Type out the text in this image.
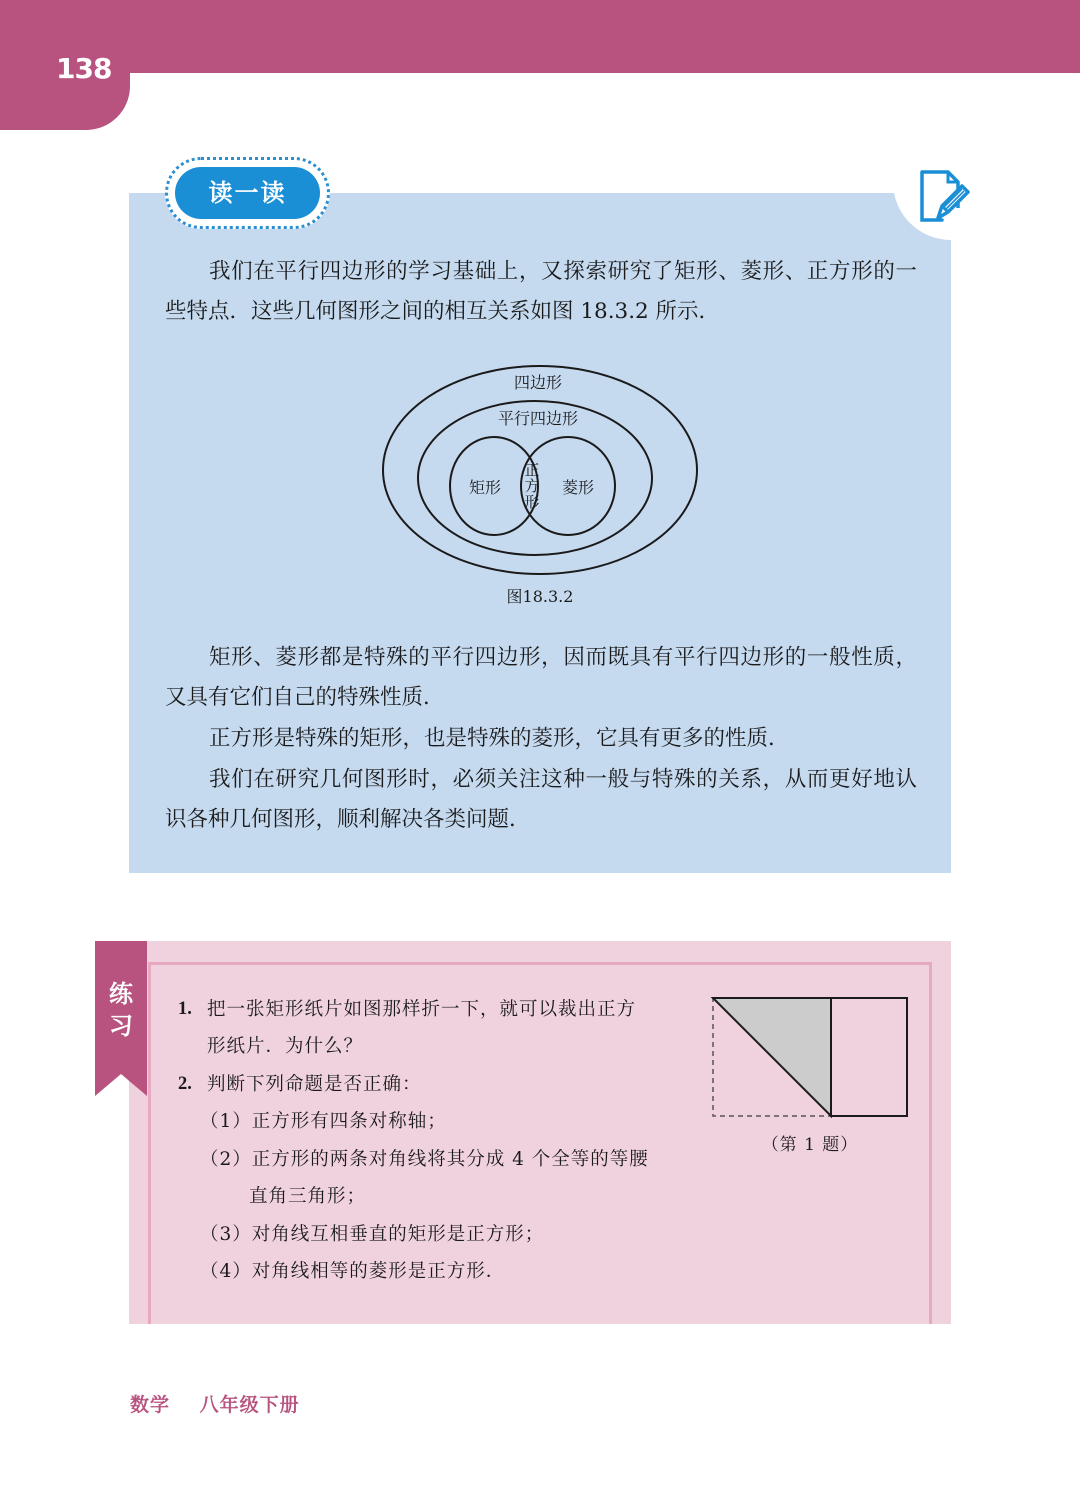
138
读一读

我们在平行四边形的学习基础上，又探索研究了矩形、菱形、正方形的一些特点．这些几何图形之间的相互关系如图 18.3.2 所示．

四边形
平行四边形
矩形	菱形
正
方
形
图18.3.2

矩形、菱形都是特殊的平行四边形，因而既具有平行四边形的一般性质，又具有它们自己的特殊性质．

正方形是特殊的矩形，也是特殊的菱形，它具有更多的性质．

我们在研究几何图形时，必须关注这种一般与特殊的关系，从而更好地认识各种几何图形，顺利解决各类问题．

练
习
1. 把一张矩形纸片如图那样折一下，就可以裁出正方

形纸片．为什么？

2. 判断下列命题是否正确：

（1）正方形有四条对称轴；

（2）正方形的两条对角线将其分成 4 个全等的等腰

直角三角形；

（3）对角线互相垂直的矩形是正方形；

（4）对角线相等的菱形是正方形．

（第 1 题）
数学 八年级下册
